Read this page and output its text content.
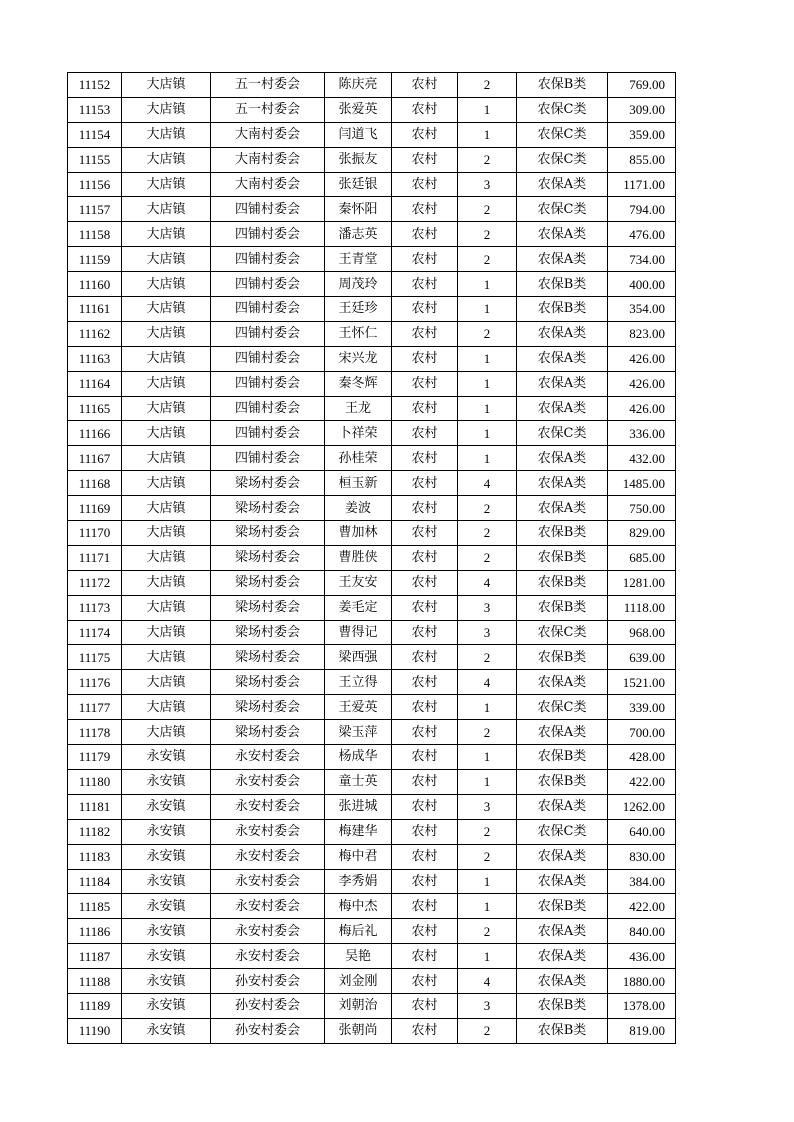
11152	大店镇	五一村委会	陈庆亮	农村	2	农保B类	769.00
11153	大店镇	五一村委会	张爱英	农村	1	农保C类	309.00
11154	大店镇	大南村委会	闫道飞	农村	1	农保C类	359.00
11155	大店镇	大南村委会	张振友	农村	2	农保C类	855.00
11156	大店镇	大南村委会	张廷银	农村	3	农保A类	1171.00
11157	大店镇	四铺村委会	秦怀阳	农村	2	农保C类	794.00
11158	大店镇	四铺村委会	潘志英	农村	2	农保A类	476.00
11159	大店镇	四铺村委会	王青堂	农村	2	农保A类	734.00
11160	大店镇	四铺村委会	周茂玲	农村	1	农保B类	400.00
11161	大店镇	四铺村委会	王廷珍	农村	1	农保B类	354.00
11162	大店镇	四铺村委会	王怀仁	农村	2	农保A类	823.00
11163	大店镇	四铺村委会	宋兴龙	农村	1	农保A类	426.00
11164	大店镇	四铺村委会	秦冬辉	农村	1	农保A类	426.00
11165	大店镇	四铺村委会	王龙	农村	1	农保A类	426.00
11166	大店镇	四铺村委会	卜祥荣	农村	1	农保C类	336.00
11167	大店镇	四铺村委会	孙桂荣	农村	1	农保A类	432.00
11168	大店镇	梁场村委会	桓玉新	农村	4	农保A类	1485.00
11169	大店镇	梁场村委会	姜波	农村	2	农保A类	750.00
11170	大店镇	梁场村委会	曹加林	农村	2	农保B类	829.00
11171	大店镇	梁场村委会	曹胜侠	农村	2	农保B类	685.00
11172	大店镇	梁场村委会	王友安	农村	4	农保B类	1281.00
11173	大店镇	梁场村委会	姜毛定	农村	3	农保B类	1118.00
11174	大店镇	梁场村委会	曹得记	农村	3	农保C类	968.00
11175	大店镇	梁场村委会	梁西强	农村	2	农保B类	639.00
11176	大店镇	梁场村委会	王立得	农村	4	农保A类	1521.00
11177	大店镇	梁场村委会	王爱英	农村	1	农保C类	339.00
11178	大店镇	梁场村委会	梁玉萍	农村	2	农保A类	700.00
11179	永安镇	永安村委会	杨成华	农村	1	农保B类	428.00
11180	永安镇	永安村委会	童士英	农村	1	农保B类	422.00
11181	永安镇	永安村委会	张进城	农村	3	农保A类	1262.00
11182	永安镇	永安村委会	梅建华	农村	2	农保C类	640.00
11183	永安镇	永安村委会	梅中君	农村	2	农保A类	830.00
11184	永安镇	永安村委会	李秀娟	农村	1	农保A类	384.00
11185	永安镇	永安村委会	梅中杰	农村	1	农保B类	422.00
11186	永安镇	永安村委会	梅后礼	农村	2	农保A类	840.00
11187	永安镇	永安村委会	吴艳	农村	1	农保A类	436.00
11188	永安镇	孙安村委会	刘金刚	农村	4	农保A类	1880.00
11189	永安镇	孙安村委会	刘朝治	农村	3	农保B类	1378.00
11190	永安镇	孙安村委会	张朝尚	农村	2	农保B类	819.00
